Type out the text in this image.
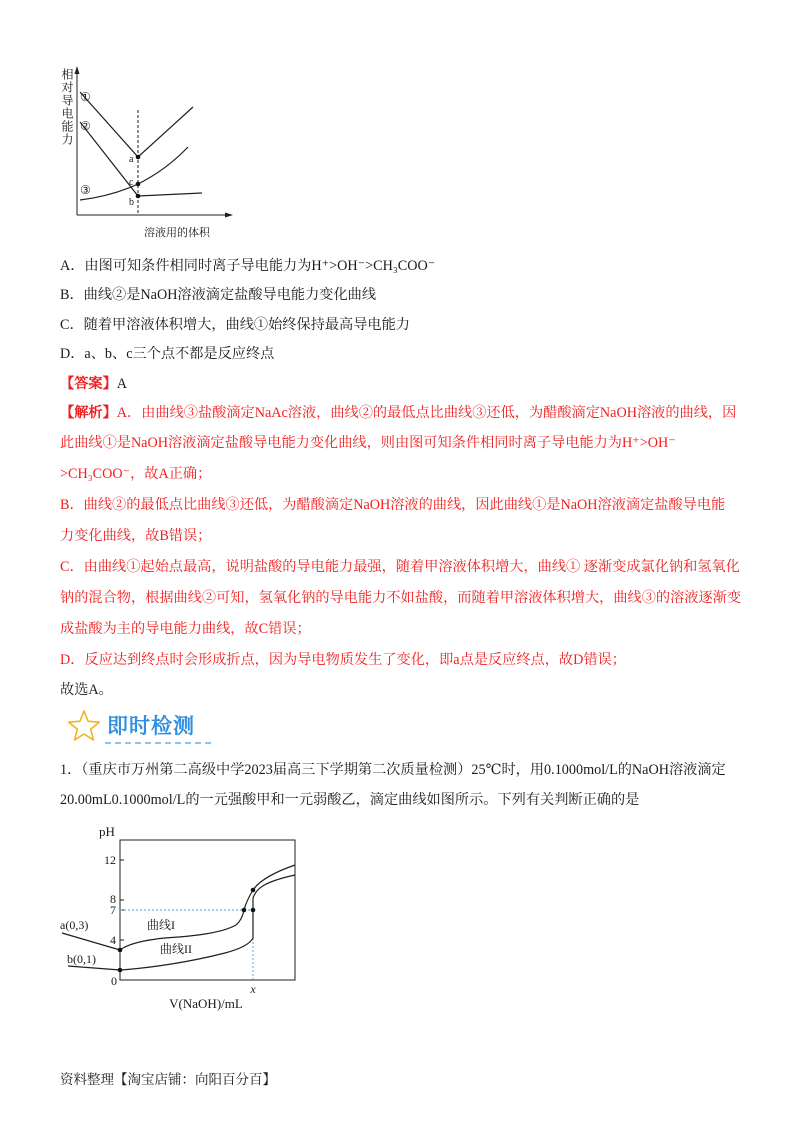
①
②
③
a
c
b
溶液用的体积
相对导电能力
A．由图可知条件相同时离子导电能力为H⁺>OH⁻>CH₃COO⁻
B．曲线②是NaOH溶液滴定盐酸导电能力变化曲线
C．随着甲溶液体积增大，曲线①始终保持最高导电能力
D．a、b、c三个点不都是反应终点
【答案】A
【解析】A．由曲线③盐酸滴定NaAc溶液，曲线②的最低点比曲线③还低，为醋酸滴定NaOH溶液的曲线，因
此曲线①是NaOH溶液滴定盐酸导电能力变化曲线，则由图可知条件相同时离子导电能力为H⁺>OH⁻
>CH₃COO⁻，故A正确；
B．曲线②的最低点比曲线③还低，为醋酸滴定NaOH溶液的曲线，因此曲线①是NaOH溶液滴定盐酸导电能
力变化曲线，故B错误；
C．由曲线①起始点最高，说明盐酸的导电能力最强，随着甲溶液体积增大，曲线① 逐渐变成氯化钠和氢氧化
钠的混合物，根据曲线②可知，氢氧化钠的导电能力不如盐酸，而随着甲溶液体积增大，曲线③的溶液逐渐变
成盐酸为主的导电能力曲线，故C错误；
D．反应达到终点时会形成折点，因为导电物质发生了变化，即a点是反应终点，故D错误；
故选A。
即时检测
1．（重庆市万州第二高级中学2023届高三下学期第二次质量检测）25℃时，用0.1000mol/L的NaOH溶液滴定
20.00mL0.1000mol/L的一元强酸甲和一元弱酸乙，滴定曲线如图所示。下列有关判断正确的是
pH
12
8
7
4
0
a(0,3)
b(0,1)
曲线I
曲线II
x
V(NaOH)/mL
资料整理【淘宝店铺：向阳百分百】
